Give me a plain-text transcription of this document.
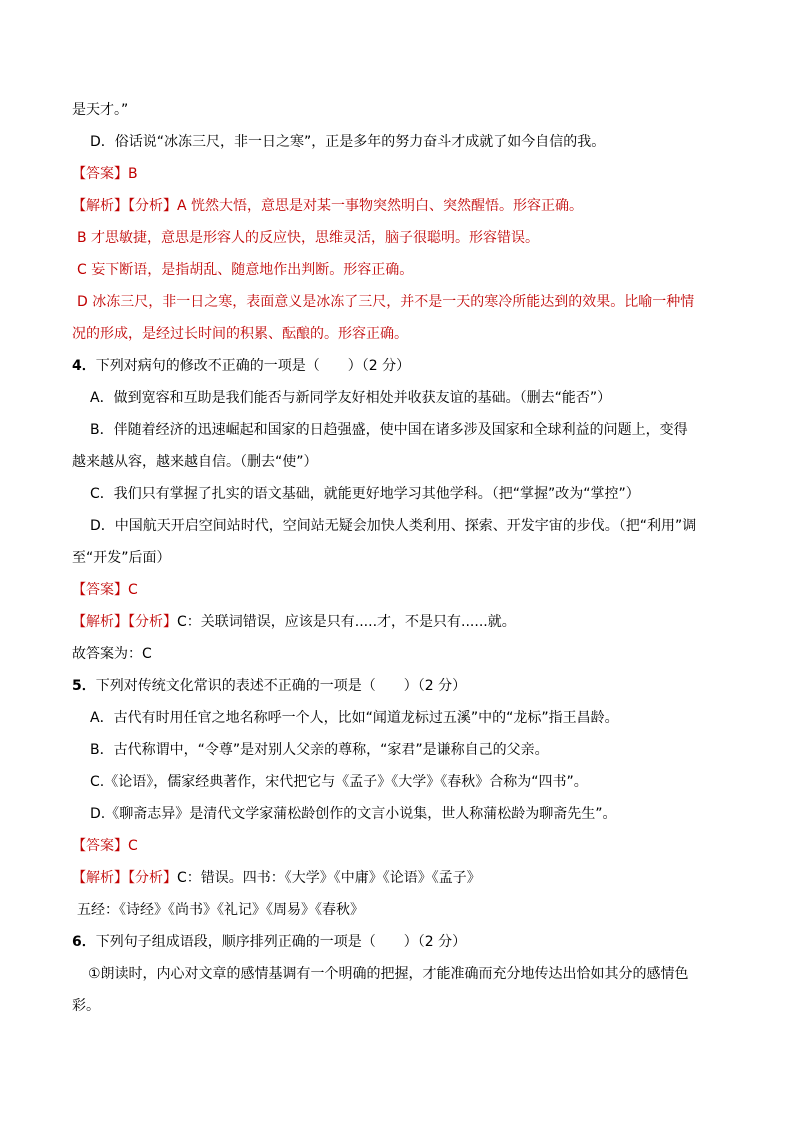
是天才。”
D．俗话说“冰冻三尺，非一日之寒”，正是多年的努力奋斗才成就了如今自信的我。
【答案】B
【解析】【分析】A 恍然大悟，意思是对某一事物突然明白、突然醒悟。形容正确。
B 才思敏捷，意思是形容人的反应快，思维灵活，脑子很聪明。形容错误。
C 妄下断语，是指胡乱、随意地作出判断。形容正确。
D 冰冻三尺，非一日之寒，表面意义是冰冻了三尺，并不是一天的寒冷所能达到的效果。比喻一种情
况的形成，是经过长时间的积累、酝酿的。形容正确。
4．下列对病句的修改不正确的一项是（　　）（2 分）
A．做到宽容和互助是我们能否与新同学友好相处并收获友谊的基础。（删去“能否”）
B．伴随着经济的迅速崛起和国家的日趋强盛，使中国在诸多涉及国家和全球利益的问题上，变得
越来越从容，越来越自信。（删去“使”）
C．我们只有掌握了扎实的语文基础，就能更好地学习其他学科。（把“掌握”改为“掌控”）
D．中国航天开启空间站时代，空间站无疑会加快人类利用、探索、开发宇宙的步伐。（把“利用”调
至“开发”后面）
【答案】C
【解析】【分析】C：关联词错误，应该是只有.....才，不是只有......就。
故答案为：C
5．下列对传统文化常识的表述不正确的一项是（　　）（2 分）
A．古代有时用任官之地名称呼一个人，比如“闻道龙标过五溪”中的“龙标”指王昌龄。
B．古代称谓中，“令尊”是对别人父亲的尊称，“家君”是谦称自己的父亲。
C.《论语》，儒家经典著作，宋代把它与《孟子》《大学》《春秋》合称为“四书”。
D.《聊斋志异》是清代文学家蒲松龄创作的文言小说集，世人称蒲松龄为聊斋先生”。
【答案】C
【解析】【分析】C：错误。四书：《大学》《中庸》《论语》《孟子》
五经：《诗经》《尚书》《礼记》《周易》《春秋》
6．下列句子组成语段，顺序排列正确的一项是（　　）（2 分）
①朗读时，内心对文章的感情基调有一个明确的把握，才能准确而充分地传达出恰如其分的感情色
彩。
